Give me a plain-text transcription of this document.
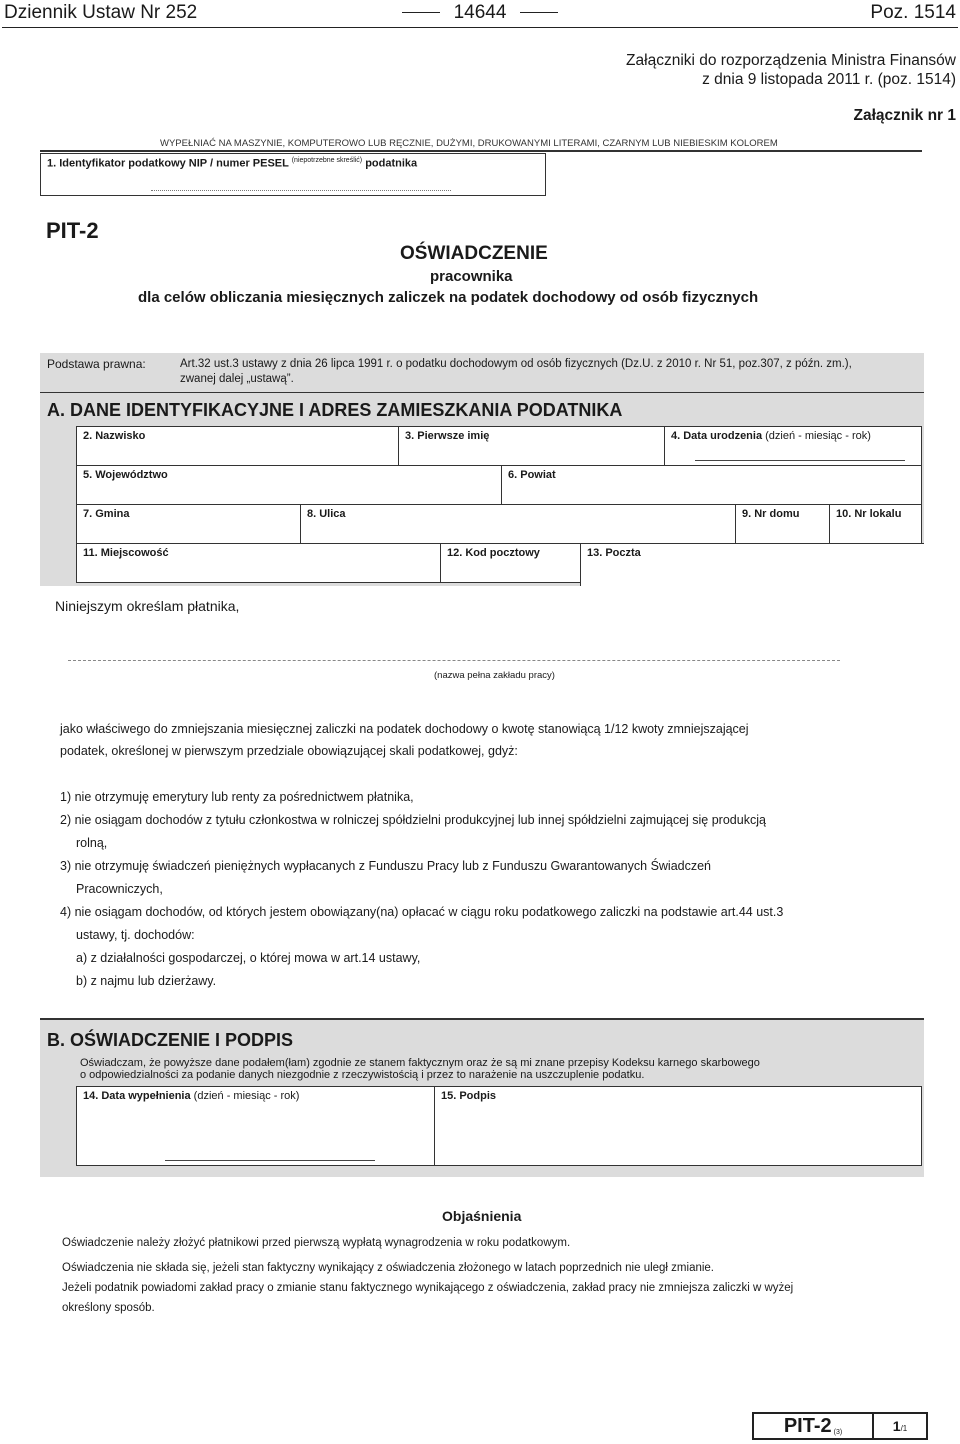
Dziennik Ustaw Nr 252	14644	Poz. 1514
Załączniki do rozporządzenia Ministra Finansów
z dnia 9 listopada 2011 r. (poz. 1514)
Załącznik nr 1
WYPEŁNIAĆ NA MASZYNIE, KOMPUTEROWO LUB RĘCZNIE, DUŻYMI, DRUKOWANYMI LITERAMI, CZARNYM LUB NIEBIESKIM KOLOREM
1. Identyfikator podatkowy NIP / numer PESEL $^{(niepotrzebne skreślić)}$ podatnika
PIT-2
OŚWIADCZENIE
pracownika
dla celów obliczania miesięcznych zaliczek na podatek dochodowy od osób fizycznych
Podstawa prawna:	Art.32 ust.3 ustawy z dnia 26 lipca 1991 r. o podatku dochodowym od osób fizycznych (Dz.U. z 2010 r. Nr 51, poz.307, z późn. zm.),
zwanej dalej „ustawą”.
A. DANE IDENTYFIKACYJNE I ADRES ZAMIESZKANIA PODATNIKA
2. Nazwisko	3. Pierwsze imię	4. Data urodzenia (dzień - miesiąc - rok)
5. Województwo	6. Powiat
7. Gmina	8. Ulica	9. Nr domu	10. Nr lokalu
11. Miejscowość	12. Kod pocztowy	13. Poczta
Niniejszym określam płatnika,
(nazwa pełna zakładu pracy)
jako właściwego do zmniejszania miesięcznej zaliczki na podatek dochodowy o kwotę stanowiącą 1/12 kwoty zmniejszającej
podatek, określonej w pierwszym przedziale obowiązującej skali podatkowej, gdyż:
1) nie otrzymuję emerytury lub renty za pośrednictwem płatnika,
2) nie osiągam dochodów z tytułu członkostwa w rolniczej spółdzielni produkcyjnej lub innej spółdzielni zajmującej się produkcją
rolną,
3) nie otrzymuję świadczeń pieniężnych wypłacanych z Funduszu Pracy lub z Funduszu Gwarantowanych Świadczeń
Pracowniczych,
4) nie osiągam dochodów, od których jestem obowiązany(na) opłacać w ciągu roku podatkowego zaliczki na podstawie art.44 ust.3
ustawy, tj. dochodów:
a) z działalności gospodarczej, o której mowa w art.14 ustawy,
b) z najmu lub dzierżawy.
B. OŚWIADCZENIE I PODPIS
Oświadczam, że powyższe dane podałem(łam) zgodnie ze stanem faktycznym oraz że są mi znane przepisy Kodeksu karnego skarbowego
o odpowiedzialności za podanie danych niezgodnie z rzeczywistością i przez to narażenie na uszczuplenie podatku.
14. Data wypełnienia (dzień - miesiąc - rok)	15. Podpis
Objaśnienia
Oświadczenie należy złożyć płatnikowi przed pierwszą wypłatą wynagrodzenia w roku podatkowym.
Oświadczenia nie składa się, jeżeli stan faktyczny wynikający z oświadczenia złożonego w latach poprzednich nie uległ zmianie.
Jeżeli podatnik powiadomi zakład pracy o zmianie stanu faktycznego wynikającego z oświadczenia, zakład pracy nie zmniejsza zaliczki w wyżej
określony sposób.
PIT-2 (3)	1 /1
